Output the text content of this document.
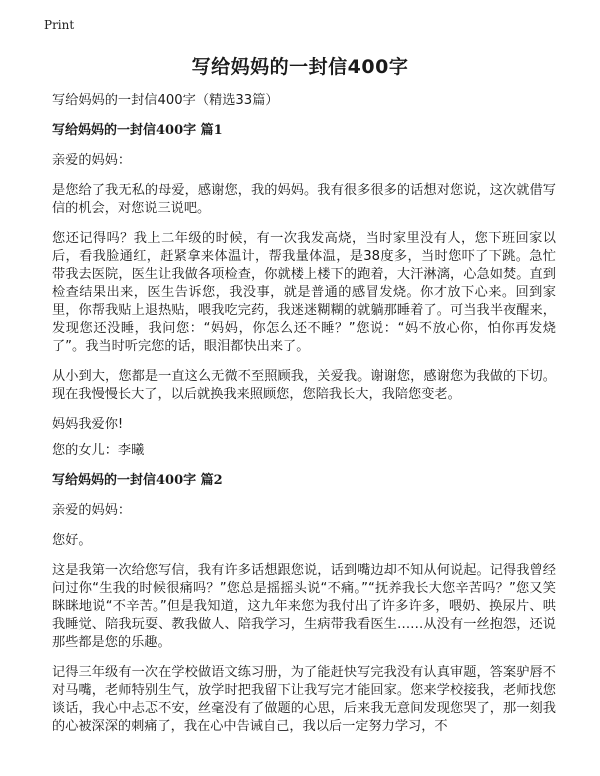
Print
写给妈妈的一封信400字

写给妈妈的一封信400字（精选33篇）

写给妈妈的一封信400字 篇1

亲爱的妈妈：

是您给了我无私的母爱，感谢您，我的妈妈。我有很多很多的话想对您说，这次就借写信的机会，对您说三说吧。

您还记得吗？我上二年级的时候，有一次我发高烧，当时家里没有人，您下班回家以后，看我脸通红，赶紧拿来体温计，帮我量体温，是38度多，当时您吓了下跳。急忙带我去医院，医生让我做各项检查，你就楼上楼下的跑着，大汗淋漓，心急如焚。直到检查结果出来，医生告诉您，我没事，就是普通的感冒发烧。你才放下心来。回到家里，你帮我贴上退热贴，喂我吃完药，我迷迷糊糊的就躺那睡着了。可当我半夜醒来，发现您还没睡，我问您：“妈妈，你怎么还不睡？”您说：“妈不放心你，怕你再发烧了”。我当时听完您的话，眼泪都快出来了。

从小到大，您都是一直这么无微不至照顾我，关爱我。谢谢您，感谢您为我做的下切。现在我慢慢长大了，以后就换我来照顾您，您陪我长大，我陪您变老。

妈妈我爱你!

您的女儿：李曦

写给妈妈的一封信400字 篇2

亲爱的妈妈：

您好。

这是我第一次给您写信，我有许多话想跟您说，话到嘴边却不知从何说起。记得我曾经问过你“生我的时候很痛吗？”您总是摇摇头说“不痛。”“抚养我长大您辛苦吗？”您又笑眯眯地说“不辛苦。”但是我知道，这九年来您为我付出了许多许多，喂奶、换尿片、哄我睡觉、陪我玩耍、教我做人、陪我学习，生病带我看医生……从没有一丝抱怨，还说那些都是您的乐趣。

记得三年级有一次在学校做语文练习册，为了能赶快写完我没有认真审题，答案驴唇不对马嘴，老师特别生气，放学时把我留下让我写完才能回家。您来学校接我，老师找您谈话，我心中忐忑不安，丝毫没有了做题的心思，后来我无意间发现您哭了，那一刻我的心被深深的刺痛了，我在心中告诫自己，我以后一定努力学习，不
